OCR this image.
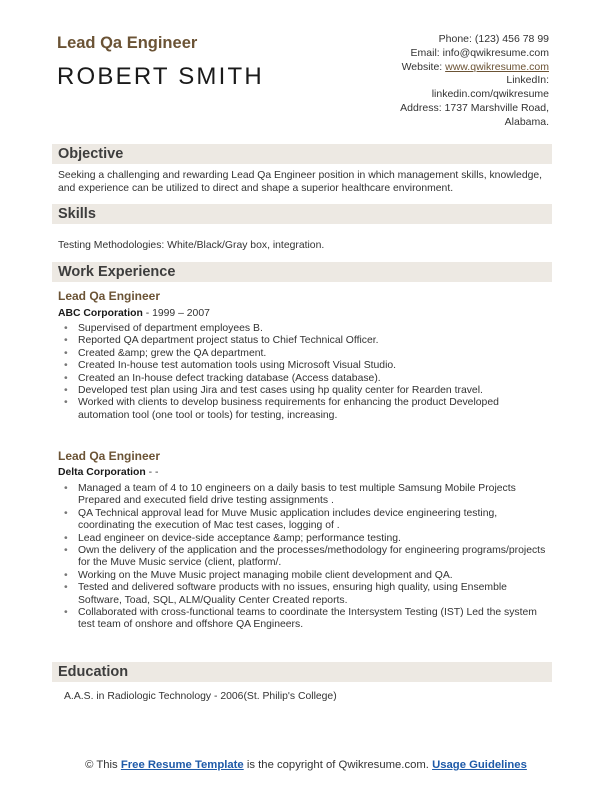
Lead Qa Engineer
ROBERT SMITH
Phone: (123) 456 78 99
Email: info@qwikresume.com
Website: www.qwikresume.com
LinkedIn:
linkedin.com/qwikresume
Address: 1737 Marshville Road,
Alabama.
Objective
Seeking a challenging and rewarding Lead Qa Engineer position in which management skills, knowledge, and experience can be utilized to direct and shape a superior healthcare environment.
Skills
Testing Methodologies: White/Black/Gray box, integration.
Work Experience
Lead Qa Engineer
ABC Corporation - 1999 – 2007
• Supervised of department employees B.
• Reported QA department project status to Chief Technical Officer.
• Created &amp; grew the QA department.
• Created In-house test automation tools using Microsoft Visual Studio.
• Created an In-house defect tracking database (Access database).
• Developed test plan using Jira and test cases using hp quality center for Rearden travel.
• Worked with clients to develop business requirements for enhancing the product Developed automation tool (one tool or tools) for testing, increasing.
Lead Qa Engineer
Delta Corporation - -
• Managed a team of 4 to 10 engineers on a daily basis to test multiple Samsung Mobile Projects Prepared and executed field drive testing assignments .
• QA Technical approval lead for Muve Music application includes device engineering testing, coordinating the execution of Mac test cases, logging of .
• Lead engineer on device-side acceptance &amp; performance testing.
• Own the delivery of the application and the processes/methodology for engineering programs/projects for the Muve Music service (client, platform/.
• Working on the Muve Music project managing mobile client development and QA.
• Tested and delivered software products with no issues, ensuring high quality, using Ensemble Software, Toad, SQL, ALM/Quality Center Created reports.
• Collaborated with cross-functional teams to coordinate the Intersystem Testing (IST) Led the system test team of onshore and offshore QA Engineers.
Education
A.A.S. in Radiologic Technology - 2006(St. Philip's College)
© This Free Resume Template is the copyright of Qwikresume.com. Usage Guidelines
